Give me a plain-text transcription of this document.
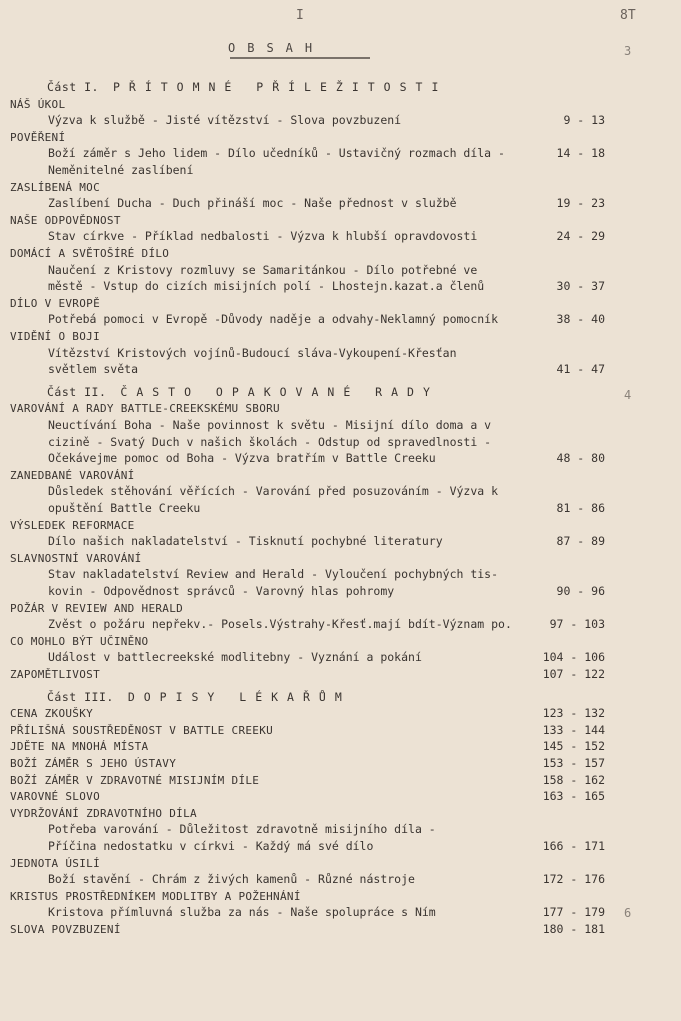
I	8T
3
4
6
OBSAH
Část I. PŘÍTOMNÉ PŘÍLEŽITOSTI
NÁŠ ÚKOL
Výzva k službě - Jisté vítězství - Slova povzbuzení	9 - 13
POVĚŘENÍ
Boží záměr s Jeho lidem - Dílo učedníků - Ustavičný rozmach díla -	14 - 18
Neměnitelné zaslíbení
ZASLÍBENÁ MOC
Zaslíbení Ducha - Duch přináší moc - Naše přednost v službě	19 - 23
NAŠE ODPOVĚDNOST
Stav církve - Příklad nedbalosti - Výzva k hlubší opravdovosti	24 - 29
DOMÁCÍ A SVĚTOŠÍRÉ DÍLO
Naučení z Kristovy rozmluvy se Samaritánkou - Dílo potřebné ve
městě - Vstup do cizích misijních polí - Lhostejn.kazat.a členů	30 - 37
DÍLO V EVROPĚ
Potřebá pomoci v Evropě -Důvody naděje a odvahy-Neklamný pomocník	38 - 40
VIDĚNÍ O BOJI
Vítězství Kristových vojínů-Budoucí sláva-Vykoupení-Křesťan
světlem světa	41 - 47
Část II. ČASTO OPAKOVANÉ RADY
VAROVÁNÍ A RADY BATTLE-CREEKSKÉMU SBORU
Neuctívání Boha - Naše povinnost k světu - Misijní dílo doma a v
cizině - Svatý Duch v našich školách - Odstup od spravedlnosti -
Očekávejme pomoc od Boha - Výzva bratřím v Battle Creeku	48 - 80
ZANEDBANÉ VAROVÁNÍ
Důsledek stěhování věřících - Varování před posuzováním - Výzva k
opuštění Battle Creeku	81 - 86
VÝSLEDEK REFORMACE
Dílo našich nakladatelství - Tisknutí pochybné literatury	87 - 89
SLAVNOSTNÍ VAROVÁNÍ
Stav nakladatelství Review and Herald - Vyloučení pochybných tis-
kovin - Odpovědnost správců - Varovný hlas pohromy	90 - 96
POŽÁR V REVIEW AND HERALD
Zvěst o požáru nepřekv.- Posels.Výstrahy-Křesť.mají bdít-Význam po.	97 - 103
CO MOHLO BÝT UČINĚNO
Událost v battlecreekské modlitebny - Vyznání a pokání	104 - 106
ZAPOMĚTLIVOST	107 - 122
Část III. DOPISY LÉKAŘŮM
CENA ZKOUŠKY	123 - 132
PŘÍLIŠNÁ SOUSTŘEDĚNOST V BATTLE CREEKU	133 - 144
JDĚTE NA MNOHÁ MÍSTA	145 - 152
BOŽÍ ZÁMĚR S JEHO ÚSTAVY	153 - 157
BOŽÍ ZÁMĚR V ZDRAVOTNÉ MISIJNÍM DÍLE	158 - 162
VAROVNÉ SLOVO	163 - 165
VYDRŽOVÁNÍ ZDRAVOTNÍHO DÍLA
Potřeba varování - Důležitost zdravotně misijního díla -
Příčina nedostatku v církvi - Každý má své dílo	166 - 171
JEDNOTA ÚSILÍ
Boží stavění - Chrám z živých kamenů - Různé nástroje	172 - 176
KRISTUS PROSTŘEDNÍKEM MODLITBY A POŽEHNÁNÍ
Kristova přímluvná služba za nás - Naše spolupráce s Ním	177 - 179
SLOVA POVZBUZENÍ	180 - 181
